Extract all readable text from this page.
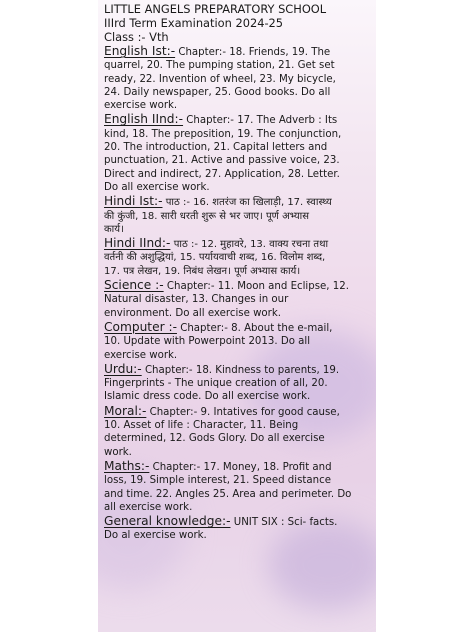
LITTLE ANGELS PREPARATORY SCHOOL
IIIrd Term Examination 2024-25
Class :- Vth
English Ist:- Chapter:- 18. Friends, 19. The
quarrel, 20. The pumping station, 21. Get set
ready, 22. Invention of wheel, 23. My bicycle,
24. Daily newspaper, 25. Good books. Do all
exercise work.
English IInd:- Chapter:- 17. The Adverb : Its
kind, 18. The preposition, 19. The conjunction,
20. The introduction, 21. Capital letters and
punctuation, 21. Active and passive voice, 23.
Direct and indirect, 27. Application, 28. Letter.
Do all exercise work.
Hindi Ist:- पाठ :- 16. शतरंज का खिलाड़ी, 17. स्वास्थ्य
की कुंजी, 18. सारी धरती शुरू से भर जाए। पूर्ण अभ्यास
कार्य।
Hindi IInd:- पाठ :- 12. मुहावरे, 13. वाक्य रचना तथा
वर्तनी की अशुद्धियां, 15. पर्यायवाची शब्द, 16. विलोम शब्द,
17. पत्र लेखन, 19. निबंध लेखन। पूर्ण अभ्यास कार्य।
Science :- Chapter:- 11. Moon and Eclipse, 12.
Natural disaster, 13. Changes in our
environment. Do all exercise work.
Computer :- Chapter:- 8. About the e-mail,
10. Update with Powerpoint 2013. Do all
exercise work.
Urdu:- Chapter:- 18. Kindness to parents, 19.
Fingerprints - The unique creation of all, 20.
Islamic dress code. Do all exercise work.
Moral:- Chapter:- 9. Intatives for good cause,
10. Asset of life : Character, 11. Being
determined, 12. Gods Glory. Do all exercise
work.
Maths:- Chapter:- 17. Money, 18. Profit and
loss, 19. Simple interest, 21. Speed distance
and time. 22. Angles 25. Area and perimeter. Do
all exercise work.
General knowledge:- UNIT SIX : Sci- facts.
Do al exercise work.
